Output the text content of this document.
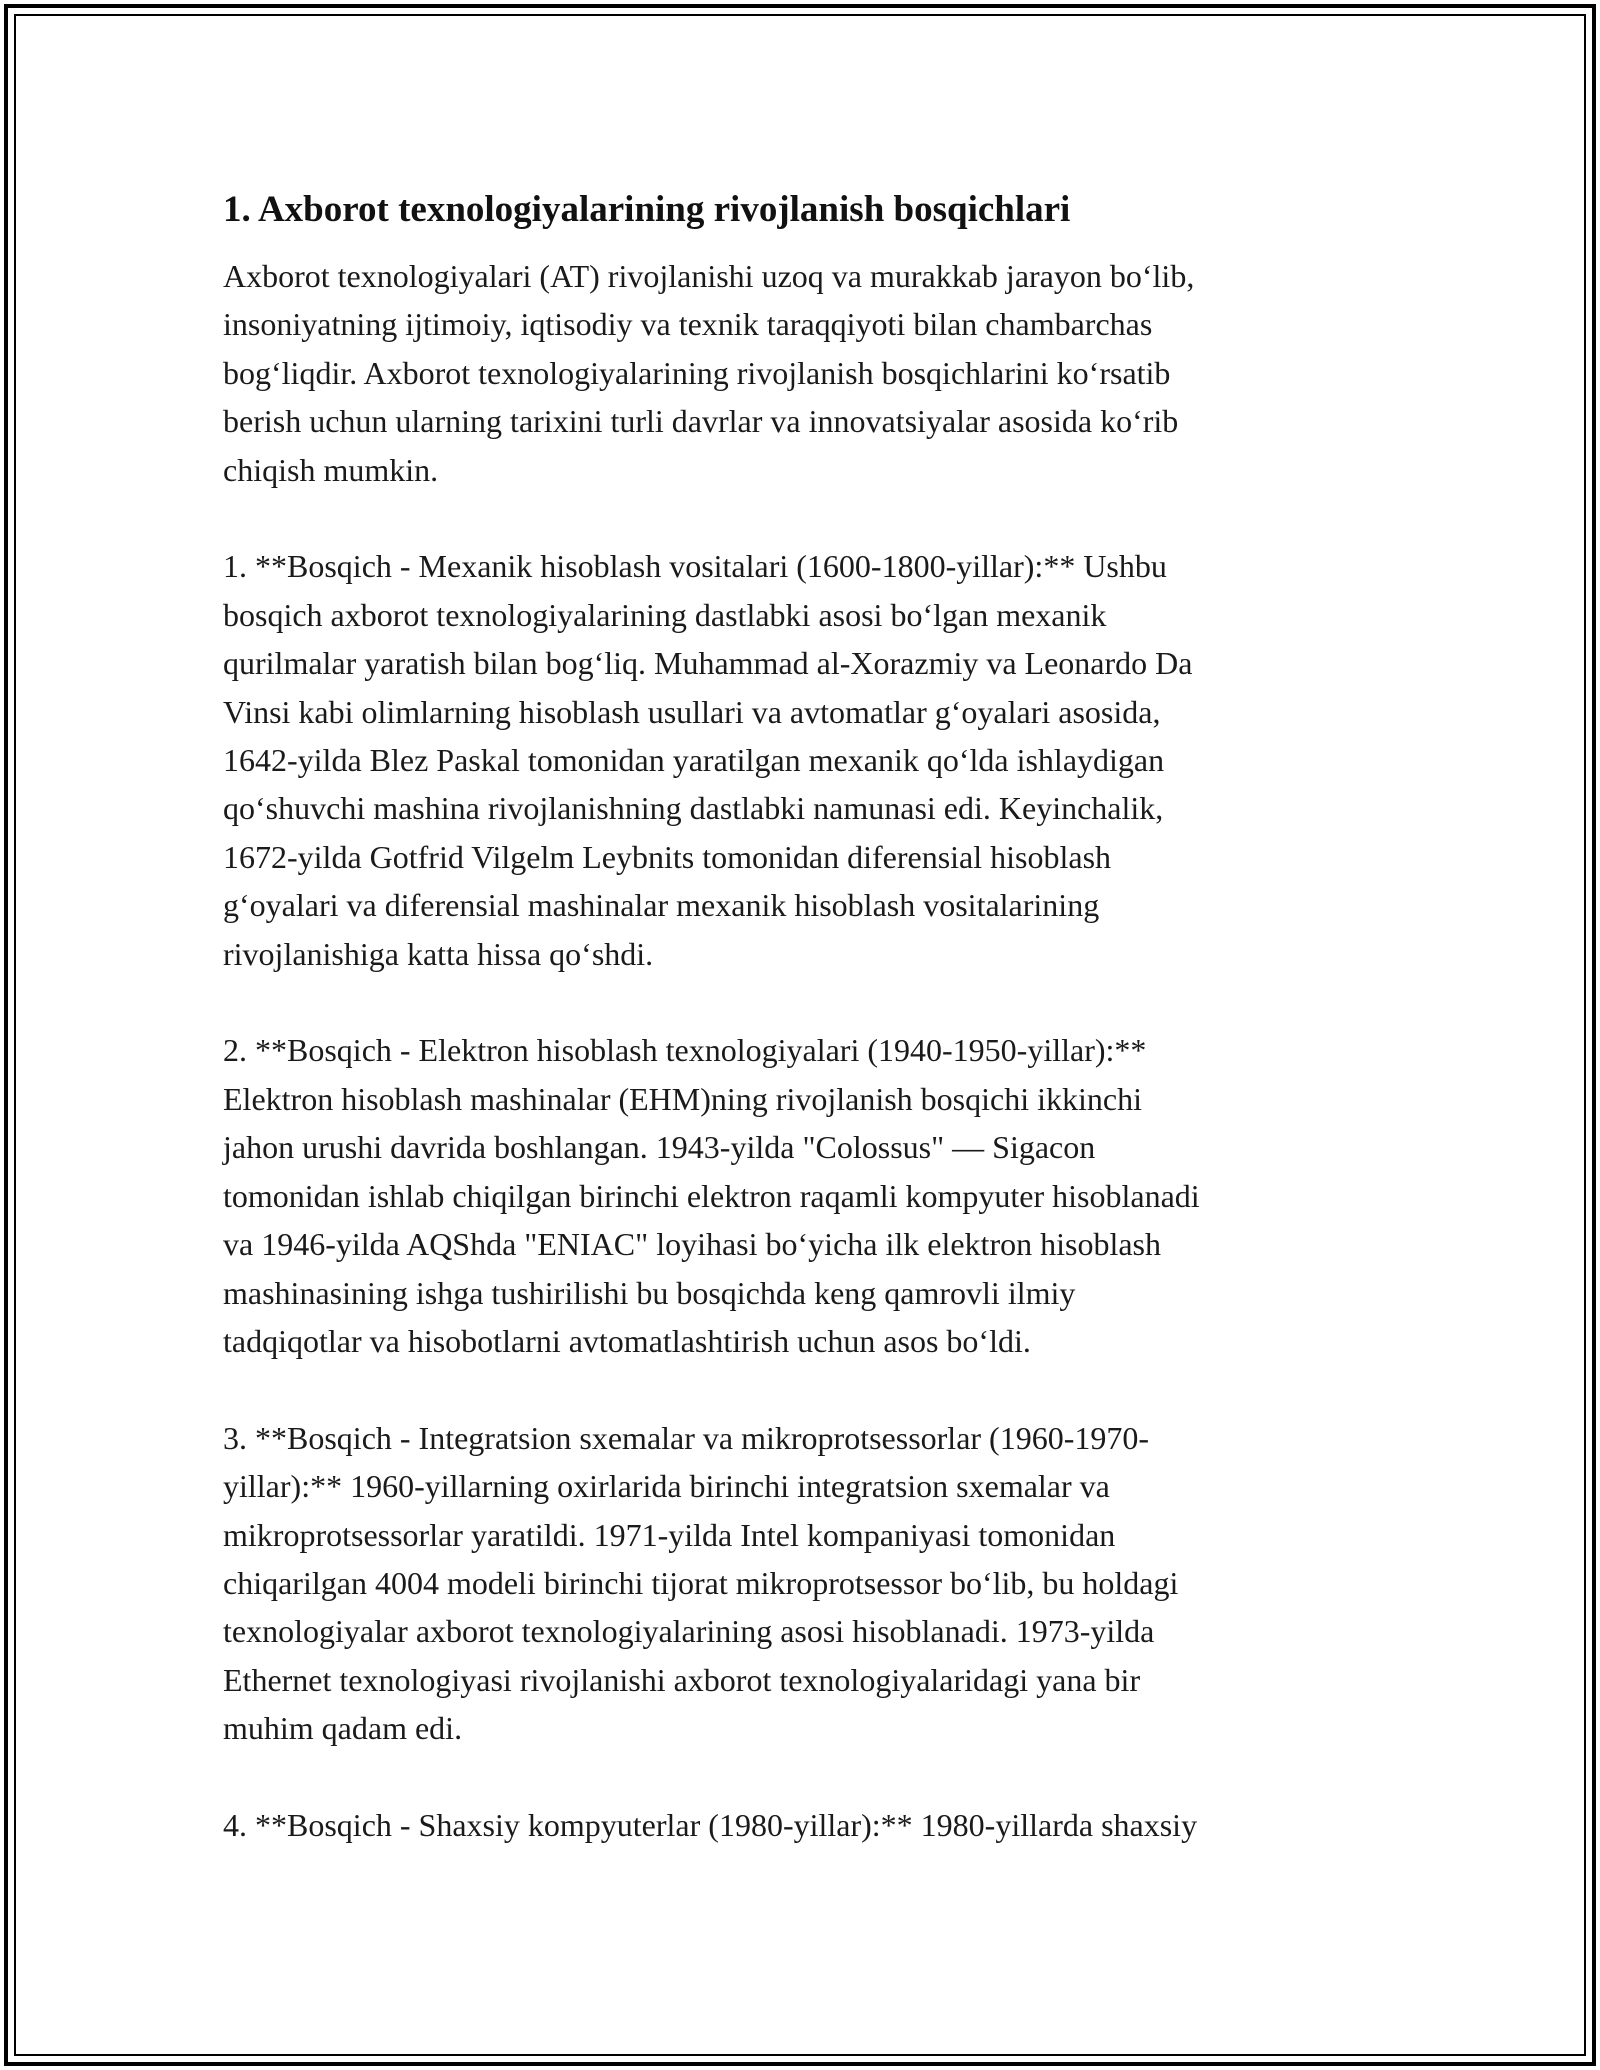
1. Axborot texnologiyalarining rivojlanish bosqichlari

Axborot texnologiyalari (AT) rivojlanishi uzoq va murakkab jarayon bo‘lib,
insoniyatning ijtimoiy, iqtisodiy va texnik taraqqiyoti bilan chambarchas
bog‘liqdir. Axborot texnologiyalarining rivojlanish bosqichlarini ko‘rsatib
berish uchun ularning tarixini turli davrlar va innovatsiyalar asosida ko‘rib
chiqish mumkin.

1. **Bosqich - Mexanik hisoblash vositalari (1600-1800-yillar):** Ushbu
bosqich axborot texnologiyalarining dastlabki asosi bo‘lgan mexanik
qurilmalar yaratish bilan bog‘liq. Muhammad al-Xorazmiy va Leonardo Da
Vinsi kabi olimlarning hisoblash usullari va avtomatlar g‘oyalari asosida,
1642-yilda Blez Paskal tomonidan yaratilgan mexanik qo‘lda ishlaydigan
qo‘shuvchi mashina rivojlanishning dastlabki namunasi edi. Keyinchalik,
1672-yilda Gotfrid Vilgelm Leybnits tomonidan diferensial hisoblash
g‘oyalari va diferensial mashinalar mexanik hisoblash vositalarining
rivojlanishiga katta hissa qo‘shdi.

2. **Bosqich - Elektron hisoblash texnologiyalari (1940-1950-yillar):**
Elektron hisoblash mashinalar (EHM)ning rivojlanish bosqichi ikkinchi
jahon urushi davrida boshlangan. 1943-yilda "Colossus" — Sigacon
tomonidan ishlab chiqilgan birinchi elektron raqamli kompyuter hisoblanadi
va 1946-yilda AQShda "ENIAC" loyihasi bo‘yicha ilk elektron hisoblash
mashinasining ishga tushirilishi bu bosqichda keng qamrovli ilmiy
tadqiqotlar va hisobotlarni avtomatlashtirish uchun asos bo‘ldi.

3. **Bosqich - Integratsion sxemalar va mikroprotsessorlar (1960-1970-
yillar):** 1960-yillarning oxirlarida birinchi integratsion sxemalar va
mikroprotsessorlar yaratildi. 1971-yilda Intel kompaniyasi tomonidan
chiqarilgan 4004 modeli birinchi tijorat mikroprotsessor bo‘lib, bu holdagi
texnologiyalar axborot texnologiyalarining asosi hisoblanadi. 1973-yilda
Ethernet texnologiyasi rivojlanishi axborot texnologiyalaridagi yana bir
muhim qadam edi.

4. **Bosqich - Shaxsiy kompyuterlar (1980-yillar):** 1980-yillarda shaxsiy
